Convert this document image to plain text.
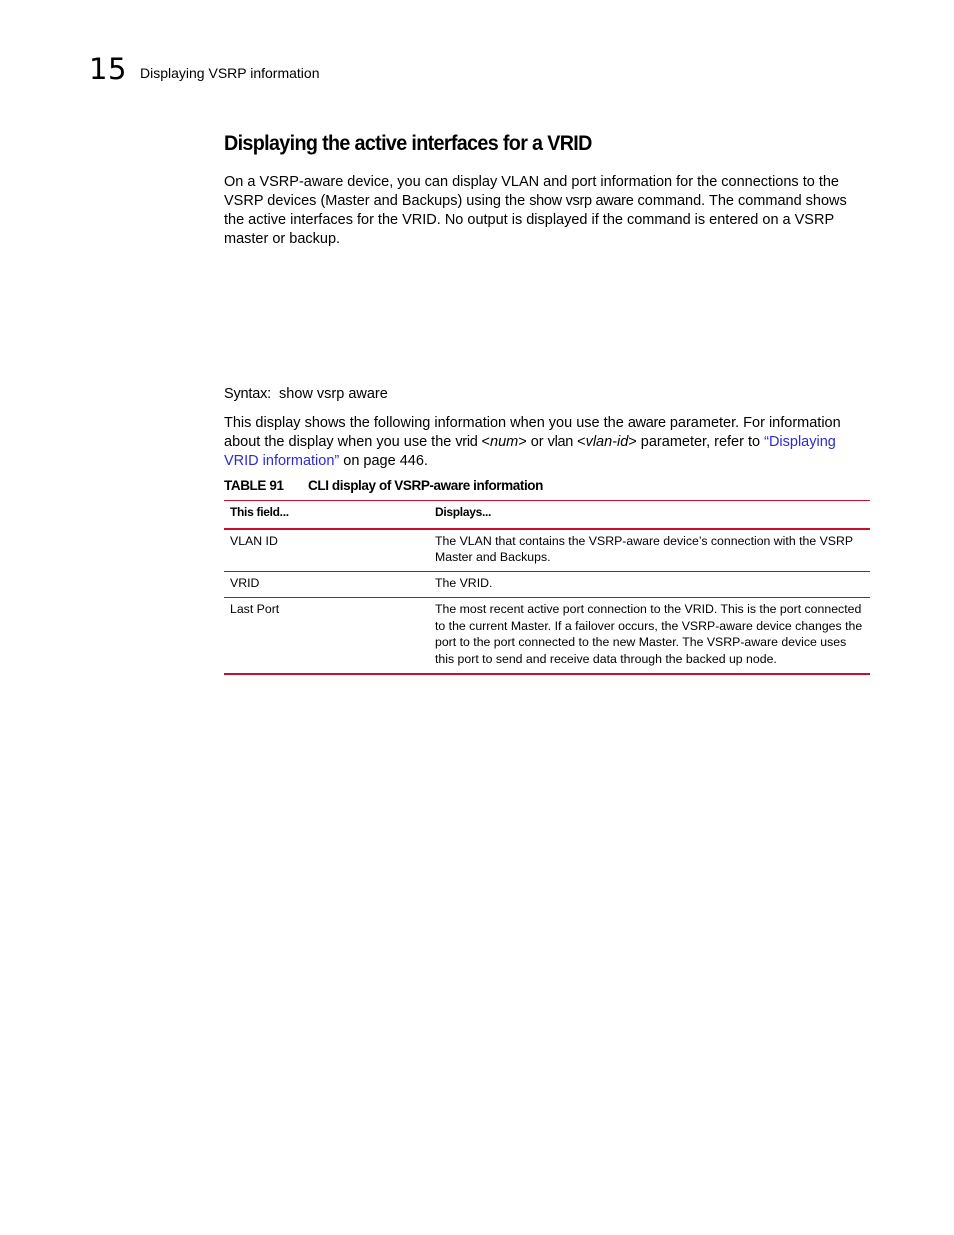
15 Displaying VSRP information
Displaying the active interfaces for a VRID

On a VSRP-aware device, you can display VLAN and port information for the connections to the VSRP devices (Master and Backups) using the show vsrp aware command. The command shows the active interfaces for the VRID. No output is displayed if the command is entered on a VSRP master or backup.

Syntax: show vsrp aware

This display shows the following information when you use the aware parameter. For information about the display when you use the vrid <num> or vlan <vlan-id> parameter, refer to “Displaying VRID information” on page 446.

TABLE 91 CLI display of VSRP-aware information
This field...	Displays...
VLAN ID	The VLAN that contains the VSRP-aware device’s connection with the VSRP Master and Backups.
VRID	The VRID.
Last Port	The most recent active port connection to the VRID. This is the port connected to the current Master. If a failover occurs, the VSRP-aware device changes the port to the port connected to the new Master. The VSRP-aware device uses this port to send and receive data through the backed up node.
